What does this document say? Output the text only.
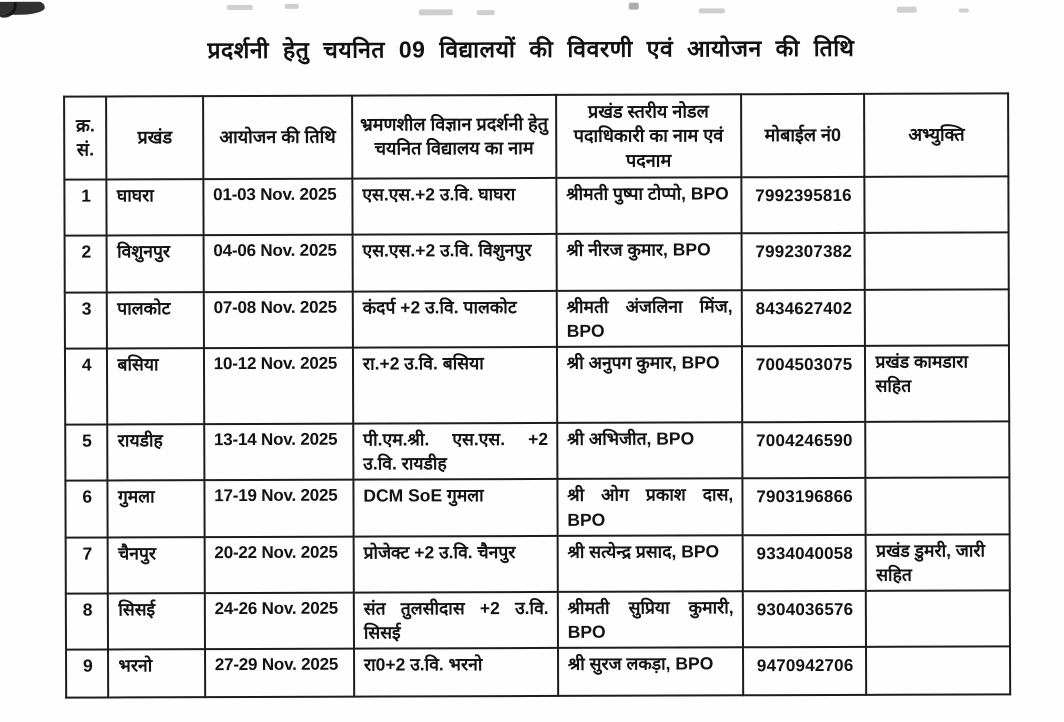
प्रदर्शनी हेतु चयनित 09 विद्यालयों की विवरणी एवं आयोजन की तिथि
क्र. सं.	प्रखंड	आयोजन की तिथि	भ्रमणशील विज्ञान प्रदर्शनी हेतु चयनित विद्यालय का नाम	प्रखंड स्तरीय नोडल पदाधिकारी का नाम एवं पदनाम	मोबाईल नं0	अभ्युक्ति
1	घाघरा	01-03 Nov. 2025	एस.एस.+2 उ.वि. घाघरा	श्रीमती पुष्पा टोप्पो, BPO	7992395816	
2	विशुनपुर	04-06 Nov. 2025	एस.एस.+2 उ.वि. विशुनपुर	श्री नीरज कुमार, BPO	7992307382	
3	पालकोट	07-08 Nov. 2025	कंदर्प +2 उ.वि. पालकोट	श्रीमती अंजलिना मिंज, BPO	8434627402	
4	बसिया	10-12 Nov. 2025	रा.+2 उ.वि. बसिया	श्री अनुपग कुमार, BPO	7004503075	प्रखंड कामडारा सहित
5	रायडीह	13-14 Nov. 2025	पी.एम.श्री. एस.एस. +2 उ.वि. रायडीह	श्री अभिजीत, BPO	7004246590	
6	गुमला	17-19 Nov. 2025	DCM SoE गुमला	श्री ओग प्रकाश दास, BPO	7903196866	
7	चैनपुर	20-22 Nov. 2025	प्रोजेक्ट +2 उ.वि. चैनपुर	श्री सत्येन्द्र प्रसाद, BPO	9334040058	प्रखंड डुमरी, जारी सहित
8	सिसई	24-26 Nov. 2025	संत तुलसीदास +2 उ.वि. सिसई	श्रीमती सुप्रिया कुमारी, BPO	9304036576	
9	भरनो	27-29 Nov. 2025	रा0+2 उ.वि. भरनो	श्री सुरज लकड़ा, BPO	9470942706	
